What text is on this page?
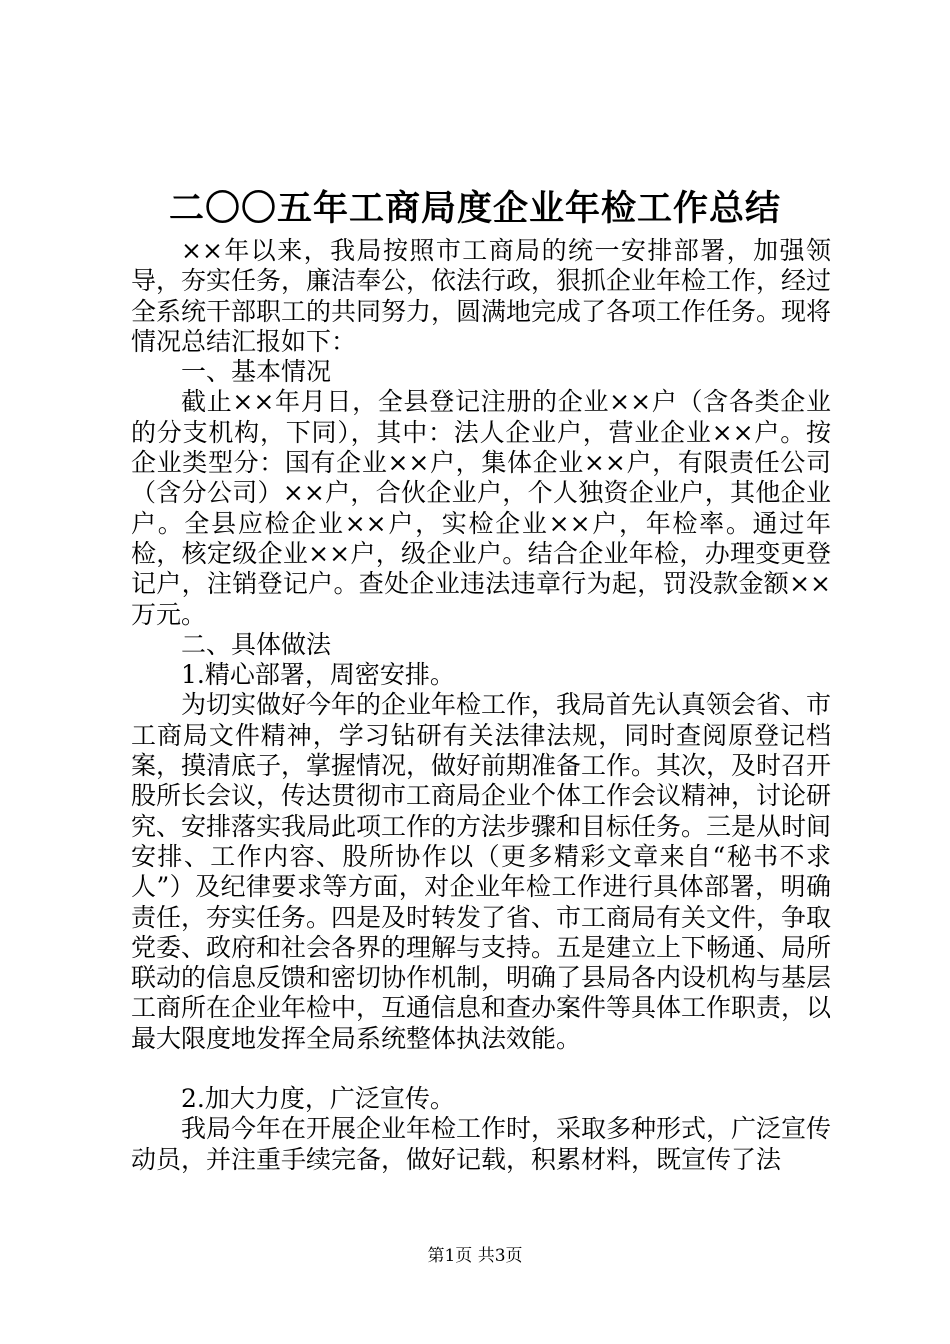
二〇〇五年工商局度企业年检工作总结

××年以来，我局按照市工商局的统一安排部署，加强领导，夯实任务，廉洁奉公，依法行政，狠抓企业年检工作，经过全系统干部职工的共同努力，圆满地完成了各项工作任务。现将情况总结汇报如下：

一、基本情况

截止××年月日，全县登记注册的企业××户（含各类企业的分支机构，下同），其中：法人企业户，营业企业××户。按企业类型分：国有企业××户，集体企业××户，有限责任公司（含分公司）××户，合伙企业户，个人独资企业户，其他企业户。全县应检企业××户，实检企业××户，年检率。通过年检，核定级企业××户，级企业户。结合企业年检，办理变更登记户，注销登记户。查处企业违法违章行为起，罚没款金额××万元。

二、具体做法

1.精心部署，周密安排。

为切实做好今年的企业年检工作，我局首先认真领会省、市工商局文件精神，学习钻研有关法律法规，同时查阅原登记档案，摸清底子，掌握情况，做好前期准备工作。其次，及时召开股所长会议，传达贯彻市工商局企业个体工作会议精神，讨论研究、安排落实我局此项工作的方法步骤和目标任务。三是从时间安排、工作内容、股所协作以（更多精彩文章来自“秘书不求人”）及纪律要求等方面，对企业年检工作进行具体部署，明确责任，夯实任务。四是及时转发了省、市工商局有关文件，争取党委、政府和社会各界的理解与支持。五是建立上下畅通、局所联动的信息反馈和密切协作机制，明确了县局各内设机构与基层工商所在企业年检中，互通信息和查办案件等具体工作职责，以最大限度地发挥全局系统整体执法效能。

2.加大力度，广泛宣传。

我局今年在开展企业年检工作时，采取多种形式，广泛宣传动员，并注重手续完备，做好记载，积累材料，既宣传了法

第1页 共3页
